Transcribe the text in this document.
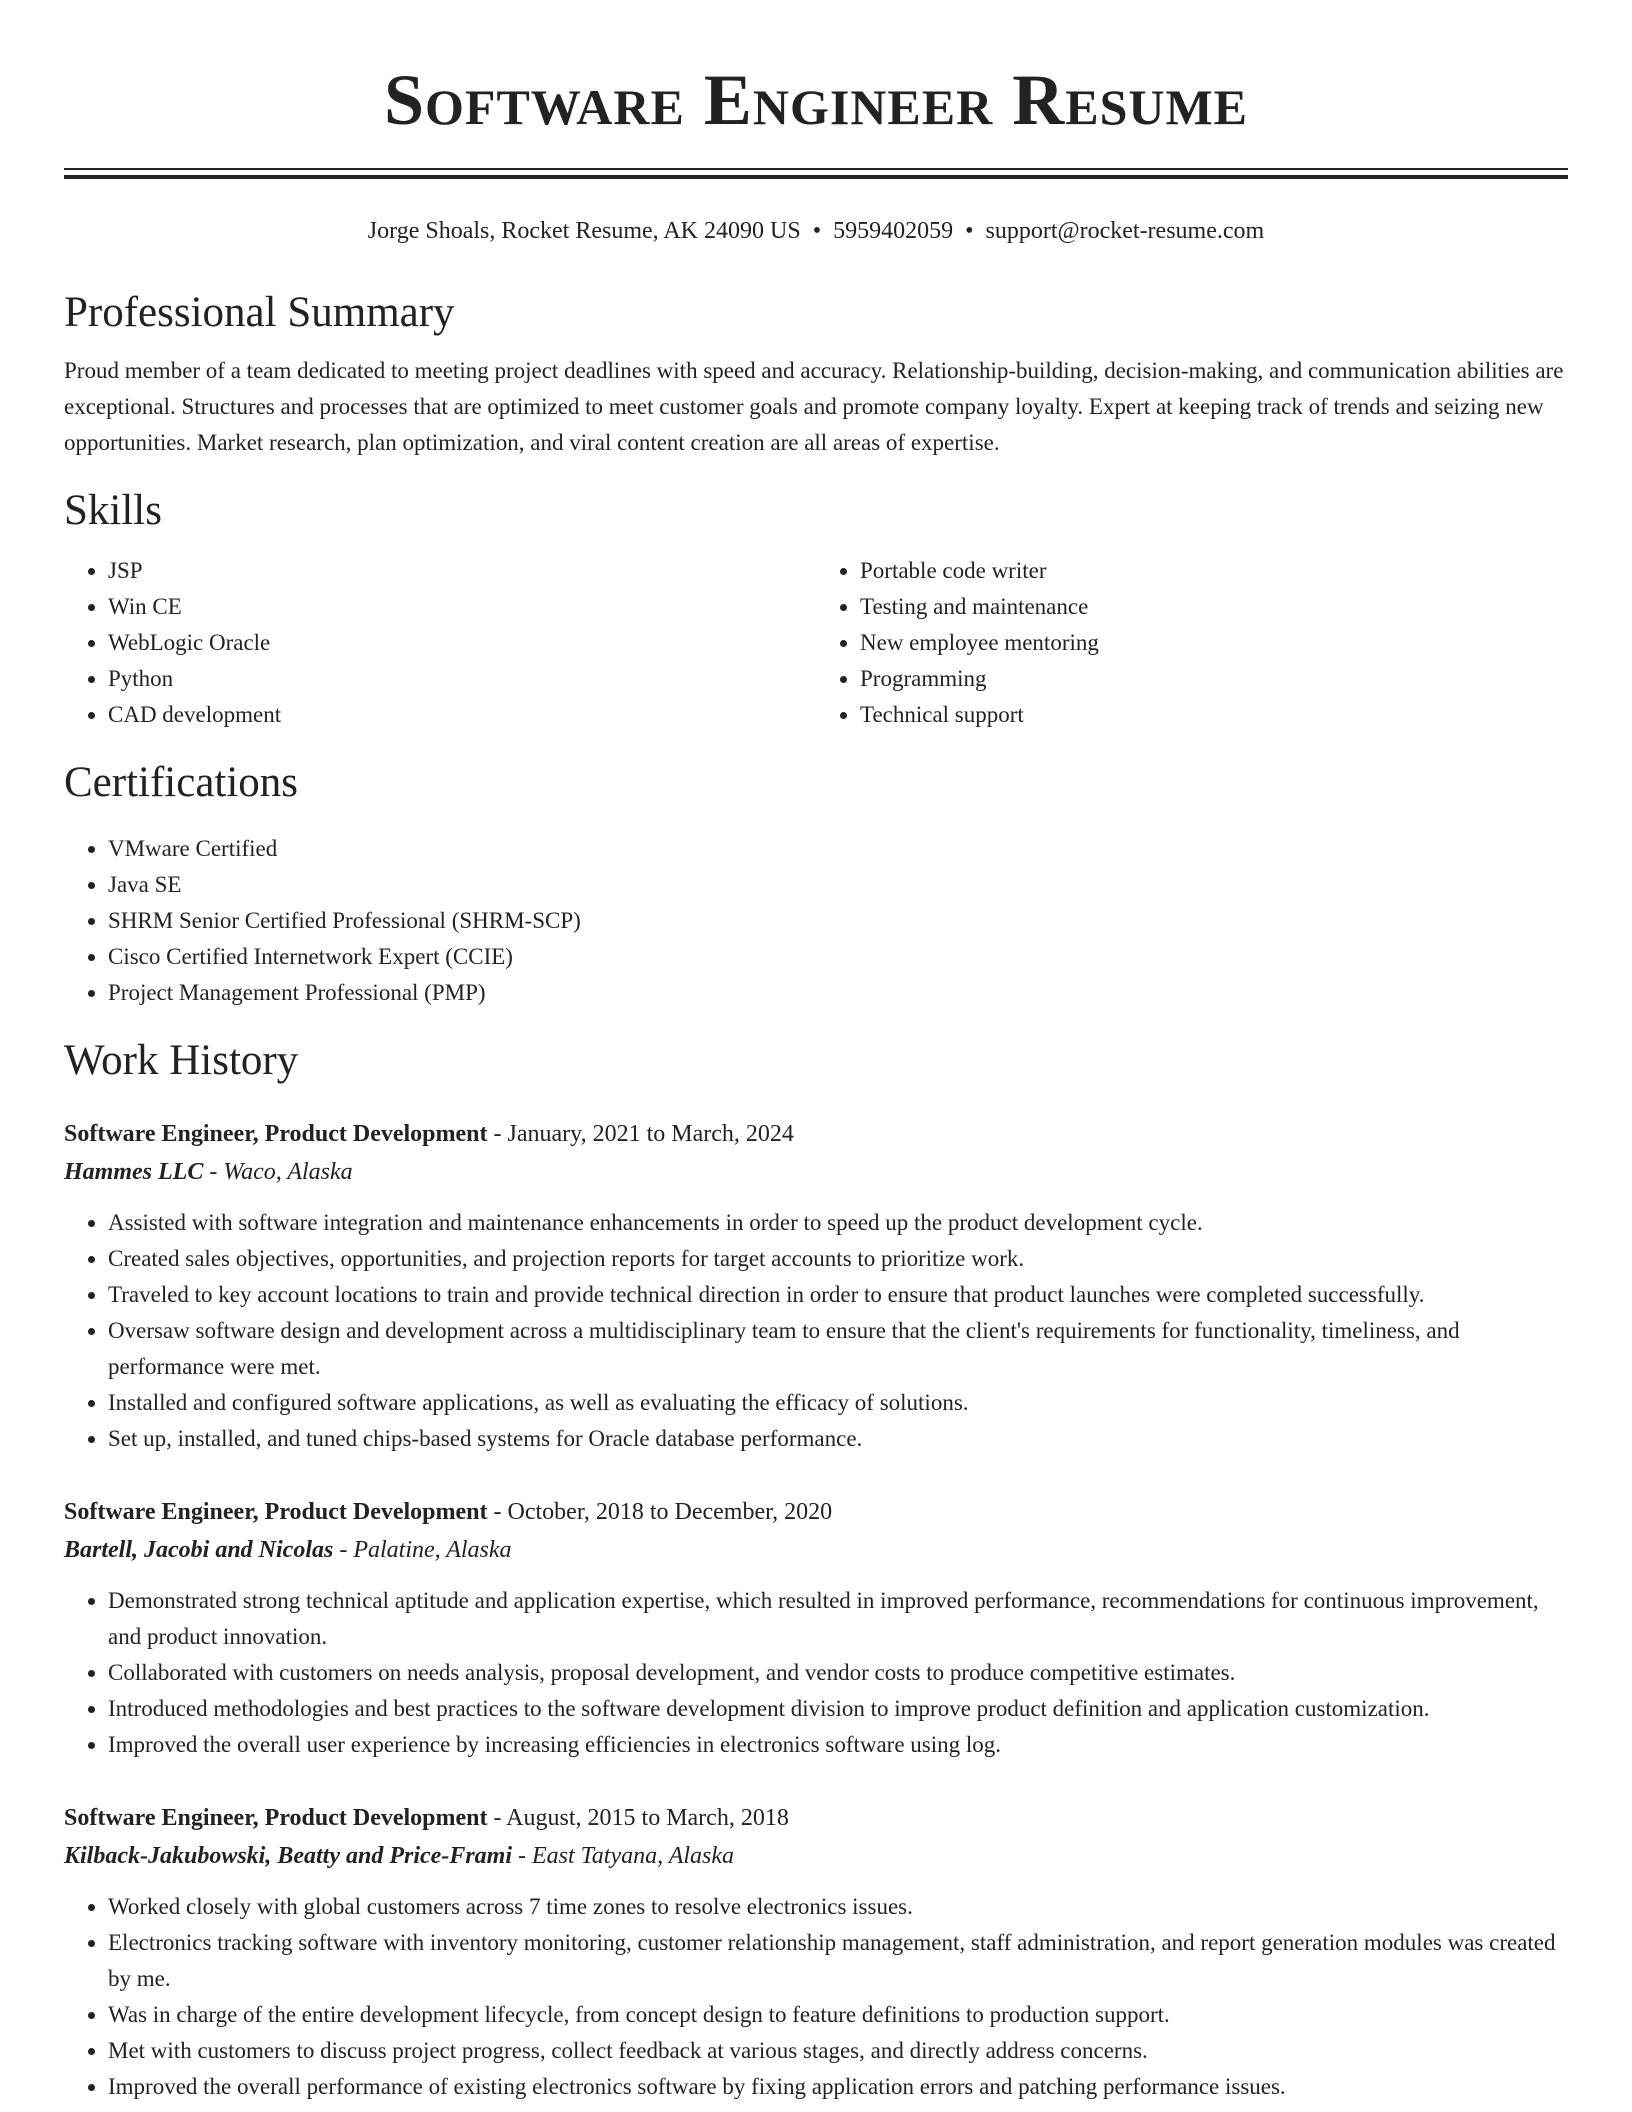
Software Engineer Resume
Jorge Shoals, Rocket Resume, AK 24090 US • 5959402059 • support@rocket-resume.com
Professional Summary

Proud member of a team dedicated to meeting project deadlines with speed and accuracy. Relationship-building, decision-making, and communication abilities are exceptional. Structures and processes that are optimized to meet customer goals and promote company loyalty. Expert at keeping track of trends and seizing new opportunities. Market research, plan optimization, and viral content creation are all areas of expertise.

Skills
• JSP
• Win CE
• WebLogic Oracle
• Python
• CAD development
• Portable code writer
• Testing and maintenance
• New employee mentoring
• Programming
• Technical support
Certifications
• VMware Certified
• Java SE
• SHRM Senior Certified Professional (SHRM-SCP)
• Cisco Certified Internetwork Expert (CCIE)
• Project Management Professional (PMP)
Work History
Software Engineer, Product Development - January, 2021 to March, 2024
Hammes LLC - Waco, Alaska
• Assisted with software integration and maintenance enhancements in order to speed up the product development cycle.
• Created sales objectives, opportunities, and projection reports for target accounts to prioritize work.
• Traveled to key account locations to train and provide technical direction in order to ensure that product launches were completed successfully.
• Oversaw software design and development across a multidisciplinary team to ensure that the client's requirements for functionality, timeliness, and performance were met.
• Installed and configured software applications, as well as evaluating the efficacy of solutions.
• Set up, installed, and tuned chips-based systems for Oracle database performance.
Software Engineer, Product Development - October, 2018 to December, 2020
Bartell, Jacobi and Nicolas - Palatine, Alaska
• Demonstrated strong technical aptitude and application expertise, which resulted in improved performance, recommendations for continuous improvement, and product innovation.
• Collaborated with customers on needs analysis, proposal development, and vendor costs to produce competitive estimates.
• Introduced methodologies and best practices to the software development division to improve product definition and application customization.
• Improved the overall user experience by increasing efficiencies in electronics software using log.
Software Engineer, Product Development - August, 2015 to March, 2018
Kilback-Jakubowski, Beatty and Price-Frami - East Tatyana, Alaska
• Worked closely with global customers across 7 time zones to resolve electronics issues.
• Electronics tracking software with inventory monitoring, customer relationship management, staff administration, and report generation modules was created by me.
• Was in charge of the entire development lifecycle, from concept design to feature definitions to production support.
• Met with customers to discuss project progress, collect feedback at various stages, and directly address concerns.
• Improved the overall performance of existing electronics software by fixing application errors and patching performance issues.
